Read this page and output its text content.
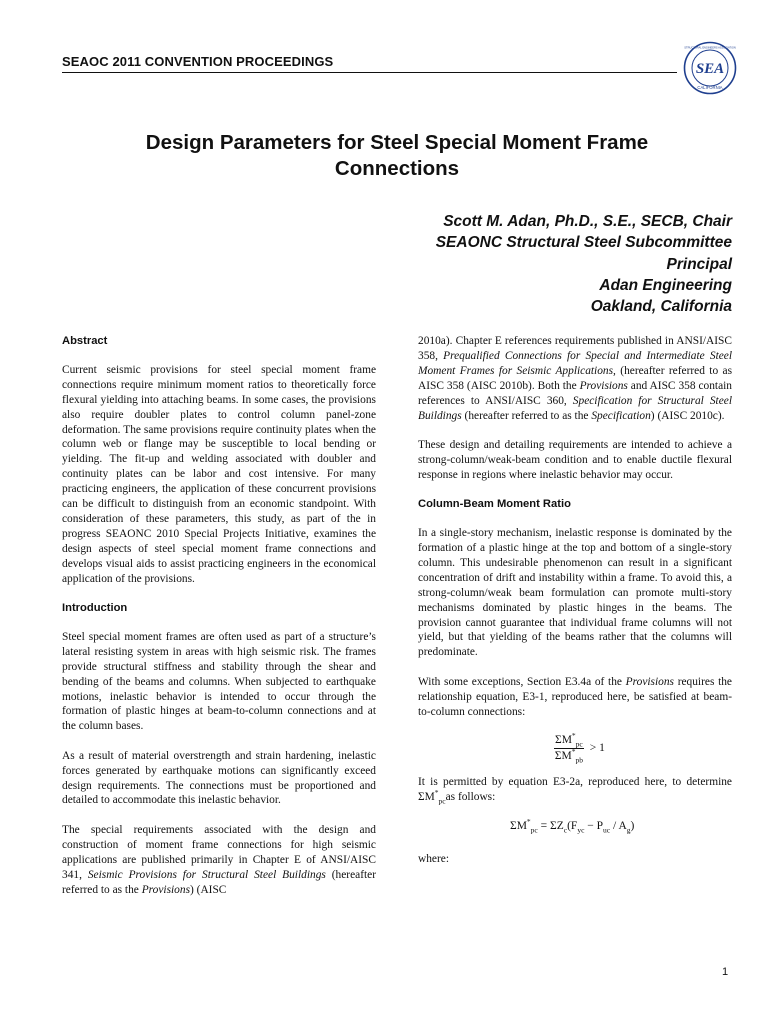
SEAOC 2011 CONVENTION PROCEEDINGS	SEA
CALIFORNIA
STRUCTURAL ENGINEERS ASSOCIATION
Design Parameters for Steel Special Moment Frame
Connections
Scott M. Adan, Ph.D., S.E., SECB, Chair
SEAONC Structural Steel Subcommittee
Principal
Adan Engineering
Oakland, California
Abstract

Current seismic provisions for steel special moment frame connections require minimum moment ratios to theoretically force flexural yielding into attaching beams. In some cases, the provisions also require doubler plates to control column panel-zone deformation. The same provisions require continuity plates when the column web or flange may be susceptible to local bending or yielding. The fit-up and welding associated with doubler and continuity plates can be labor and cost intensive. For many practicing engineers, the application of these concurrent provisions can be difficult to distinguish from an economic standpoint. With consideration of these parameters, this study, as part of the in progress SEAONC 2010 Special Projects Initiative, examines the design aspects of steel special moment frame connections and develops visual aids to assist practicing engineers in the economical application of the provisions.

Introduction

Steel special moment frames are often used as part of a structure’s lateral resisting system in areas with high seismic risk. The frames provide structural stiffness and stability through the shear and bending of the beams and columns. When subjected to earthquake motions, inelastic behavior is intended to occur through the formation of plastic hinges at beam-to-column connections and at the column bases.

As a result of material overstrength and strain hardening, inelastic forces generated by earthquake motions can significantly exceed design requirements. The connections must be proportioned and detailed to accommodate this inelastic behavior.

The special requirements associated with the design and construction of moment frame connections for high seismic applications are published primarily in Chapter E of ANSI/AISC 341, Seismic Provisions for Structural Steel Buildings (hereafter referred to as the Provisions) (AISC

2010a). Chapter E references requirements published in ANSI/AISC 358, Prequalified Connections for Special and Intermediate Steel Moment Frames for Seismic Applications, (hereafter referred to as AISC 358 (AISC 2010b). Both the Provisions and AISC 358 contain references to ANSI/AISC 360, Specification for Structural Steel Buildings (hereafter referred to as the Specification) (AISC 2010c).

These design and detailing requirements are intended to achieve a strong-column/weak-beam condition and to enable ductile flexural response in regions where inelastic behavior may occur.

Column-Beam Moment Ratio

In a single-story mechanism, inelastic response is dominated by the formation of a plastic hinge at the top and bottom of a single-story column. This undesirable phenomenon can result in a significant concentration of drift and instability within a frame. To avoid this, a strong-column/weak beam formulation can promote multi-story mechanisms dominated by plastic hinges in the beams. The provision cannot guarantee that individual frame columns will not yield, but that yielding of the beams rather that the columns will predominate.

With some exceptions, Section E3.4a of the Provisions requires the relationship equation, E3-1, reproduced here, be satisfied at beam-to-column connections:

$\frac{\Sigma M^*_{pc}}{\Sigma M^*_{pb}} > 1$

It is permitted by equation E3-2a, reproduced here, to determine $\Sigma M^*_{pc}as$ follows:

$\Sigma M^*_{pc} = \Sigma Z_c(F_{yc} - P_{uc} / A_g)$

where:

1
